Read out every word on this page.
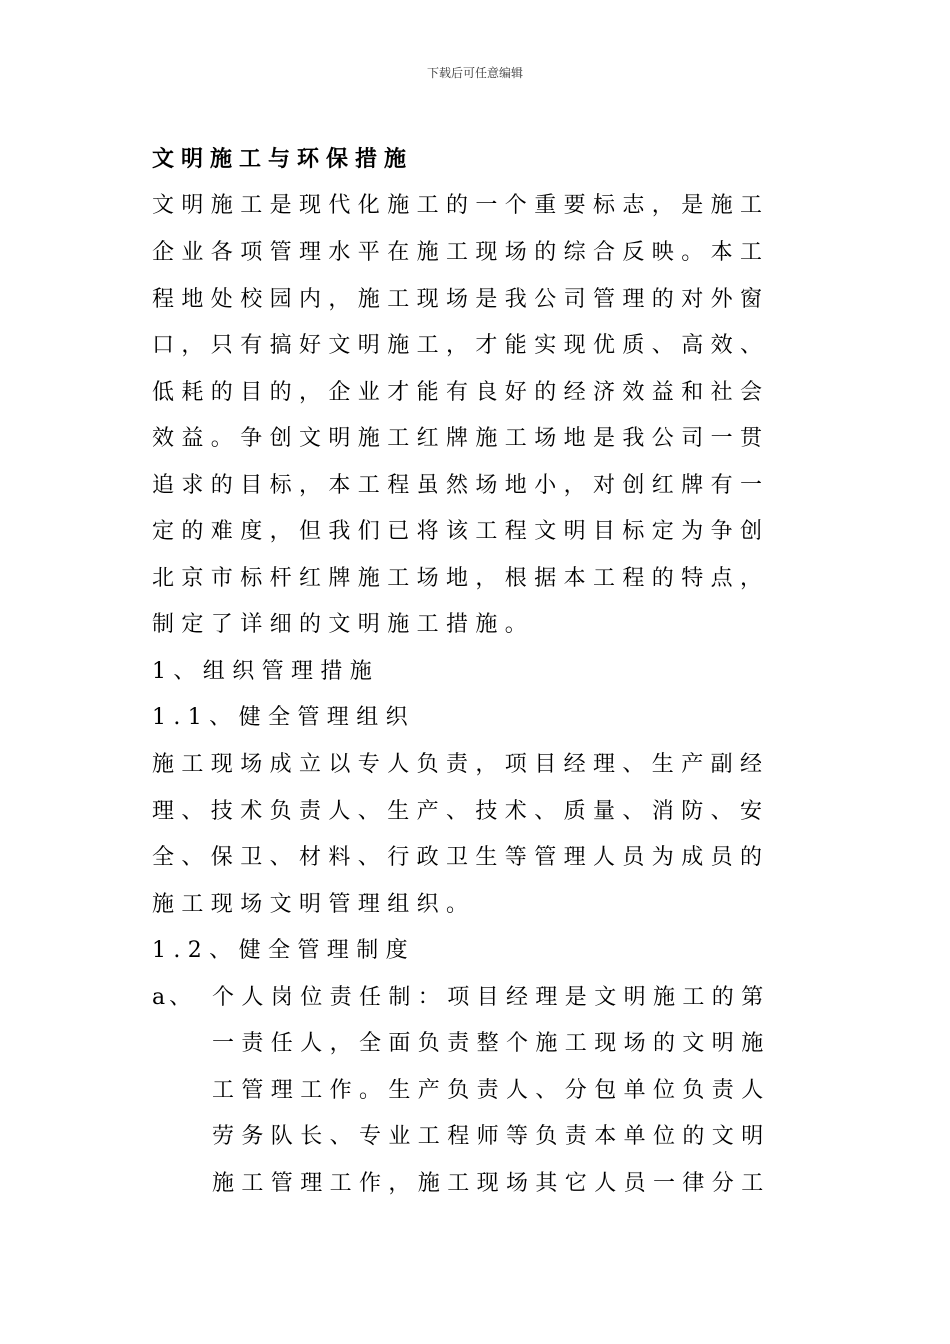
下载后可任意编辑
文明施工与环保措施
文明施工是现代化施工的一个重要标志，是施工
企业各项管理水平在施工现场的综合反映。本工
程地处校园内，施工现场是我公司管理的对外窗
口，只有搞好文明施工，才能实现优质、高效、
低耗的目的，企业才能有良好的经济效益和社会
效益。争创文明施工红牌施工场地是我公司一贯
追求的目标，本工程虽然场地小，对创红牌有一
定的难度，但我们已将该工程文明目标定为争创
北京市标杆红牌施工场地，根据本工程的特点，
制定了详细的文明施工措施。
1、组织管理措施
1.1、健全管理组织
施工现场成立以专人负责，项目经理、生产副经
理、技术负责人、生产、技术、质量、消防、安
全、保卫、材料、行政卫生等管理人员为成员的
施工现场文明管理组织。
1.2、健全管理制度
a、 个人岗位责任制：项目经理是文明施工的第
一责任人，全面负责整个施工现场的文明施
工管理工作。生产负责人、分包单位负责人
劳务队长、专业工程师等负责本单位的文明
施工管理工作，施工现场其它人员一律分工
